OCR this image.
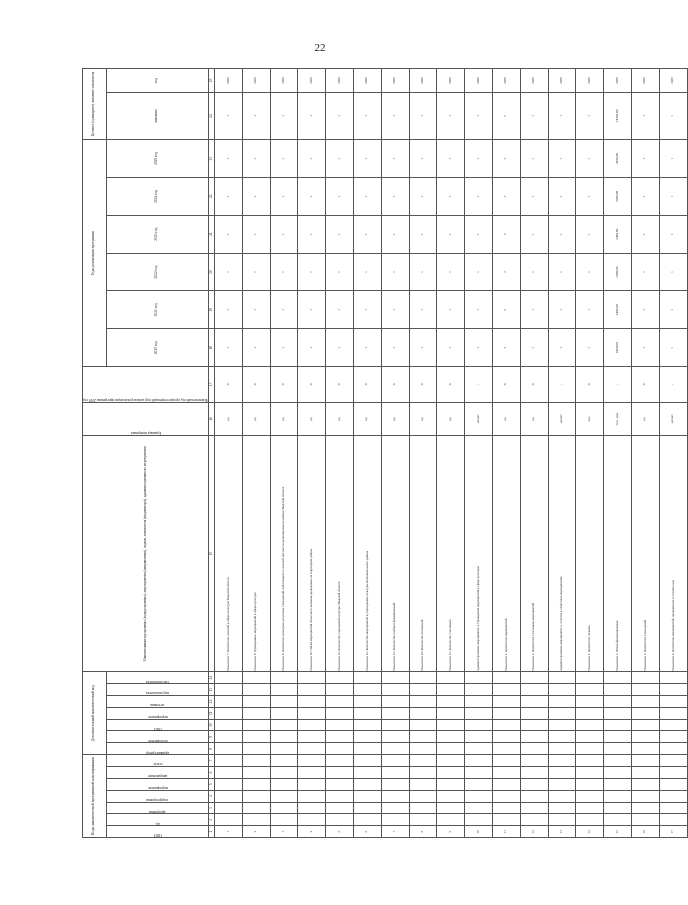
22
Коды аналитической программной классификации							Дополнительный аналитический код							Наименование программы (подпрограммы), мероприятия (направления), задачи, показателя (индикатора), административного мероприятия	Единица измерения	Фактический год, предшествующий году начала реализации программы 2019 год	Годы реализации программы						Целевое (суммарное) значение показателя	

ППП	ЦС	программа	подпрограмма	мероприятие	направление	статус	администратор	исполнитель	ОКП	мероприятие	источник	вид показателя	тип показателя				2020 год	2021 год	2022 год	2023 год	2024 год	2025 год	значение	год
1	2	3	4	5	6	7	8	9	10	11	12	13	14	15	16	17	18	19	20	21	22	23	24	25
1														Показатель 7. Количество жителей в сфере культуры Тверской области	ед.	0	1	1	1	1	1	1	1	2025
2														Показатель 8. Проведенных мероприятий в сфере культуры	ед.	0	1	1	1	1	1	1	1	2025
3														Показатель 9. Количество культурно-досуговых учреждений, работающих в сельской местности муниципального района Тверской области	ед.	0	1	1	1	1	1	1	1	2025
4														Показатель 10. Объем мероприятий областного значения проводимых на территории района	ед.	0	1	1	1	1	1	1	1	2025
5														Показатель 11. Количество учреждений культуры Тверской области	ед.	0	1	1	1	1	1	1	1	2025
6														Показатель 12. Количество мероприятий в учреждениях культуры муниципального района	ед.	0	1	1	1	1	1	1	1	2025
7														Показатель 13. Количество клубных формирований	ед.	0	1	1	1	1	1	1	1	2025
8														Показатель 14. Количество посещений	ед.	0	1	1	1	1	1	1	1	2025
9														Показатель 15. Количество участников	ед.	0	1	1	1	1	1	1	1	2025
10														Административное мероприятие 1. Проведение мероприятий в сфере культуры	да/нет	-	1	1	1	1	1	1	1	2025
11														Показатель 1. Количество мероприятий	ед.	0	2	2	2	2	2	2	2	2025
12														Показатель 2. Количество участников мероприятий	ед.	0	1	1	1	1	1	1	1	2025
13														Административное мероприятие 2. Участие в областных мероприятиях	да/нет	-	1	1	1	1	1	1	1	2025
14														Показатель 1. Количество человек	чел.	0	1	1	1	1	1	1	1	2025
15														Показатель 2. Объем финансирования	тыс. руб.	-	2450,60	2450,60	2450,60	2450,60	2450,60	2450,60	14703,60	2025
16														Показатель 3. Количество учреждений	ед.	0	1	1	1	1	1	1	1	2025
17														Показатель 4. Количество мероприятий, проведенных в течение года	да/нет	-	1	1	1	1	1	1	1	2025
